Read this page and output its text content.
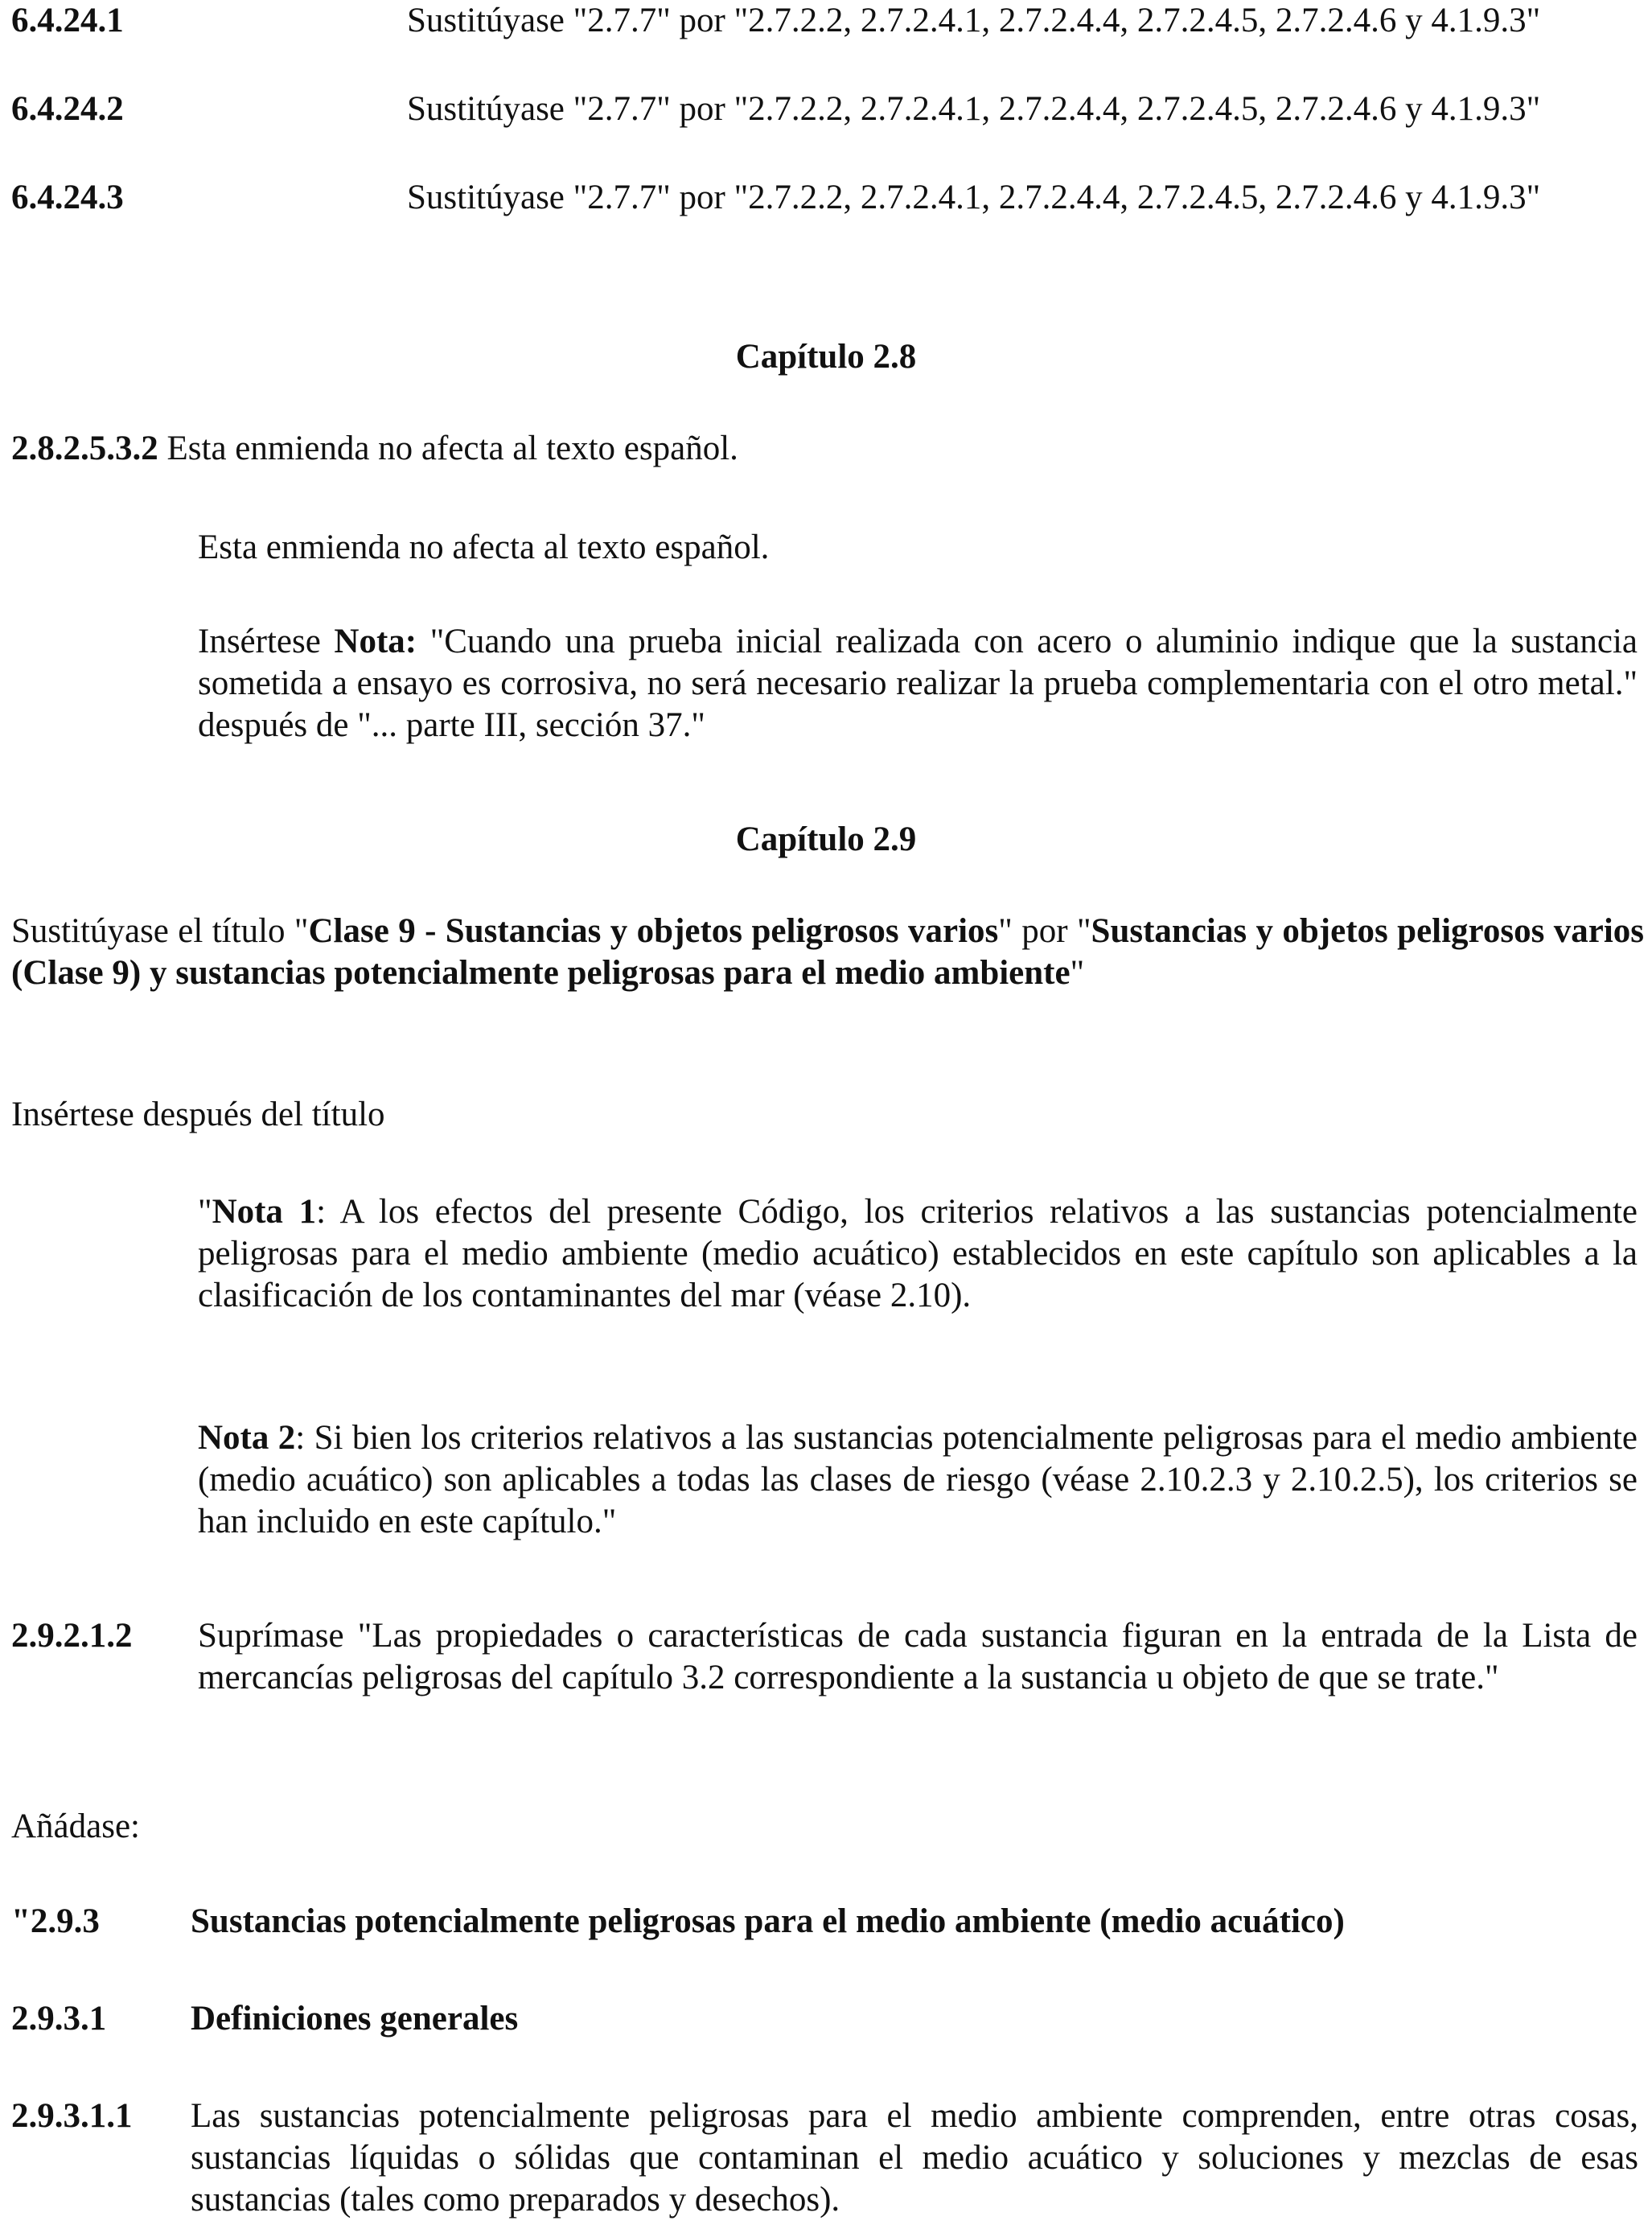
6.4.24.1	Sustitúyase "2.7.7" por "2.7.2.2, 2.7.2.4.1, 2.7.2.4.4, 2.7.2.4.5, 2.7.2.4.6 y 4.1.9.3"
6.4.24.2	Sustitúyase "2.7.7" por "2.7.2.2, 2.7.2.4.1, 2.7.2.4.4, 2.7.2.4.5, 2.7.2.4.6 y 4.1.9.3"
6.4.24.3	Sustitúyase "2.7.7" por "2.7.2.2, 2.7.2.4.1, 2.7.2.4.4, 2.7.2.4.5, 2.7.2.4.6 y 4.1.9.3"
Capítulo 2.8
2.8.2.5.3.2 Esta enmienda no afecta al texto español.
Esta enmienda no afecta al texto español.
Insértese Nota: "Cuando una prueba inicial realizada con acero o aluminio indique que la sustancia sometida a ensayo es corrosiva, no será necesario realizar la prueba complementaria con el otro metal." después de "... parte III, sección 37."
Capítulo 2.9
Sustitúyase el título "Clase 9 - Sustancias y objetos peligrosos varios" por "Sustancias y objetos peligrosos varios (Clase 9) y sustancias potencialmente peligrosas para el medio ambiente"
Insértese después del título
"Nota 1: A los efectos del presente Código, los criterios relativos a las sustancias potencialmente peligrosas para el medio ambiente (medio acuático) establecidos en este capítulo son aplicables a la clasificación de los contaminantes del mar (véase 2.10).
Nota 2: Si bien los criterios relativos a las sustancias potencialmente peligrosas para el medio ambiente (medio acuático) son aplicables a todas las clases de riesgo (véase 2.10.2.3 y 2.10.2.5), los criterios se han incluido en este capítulo."
2.9.2.1.2 Suprímase "Las propiedades o características de cada sustancia figuran en la entrada de la Lista de mercancías peligrosas del capítulo 3.2 correspondiente a la sustancia u objeto de que se trate."
Añádase:
"2.9.3	Sustancias potencialmente peligrosas para el medio ambiente (medio acuático)
2.9.3.1 Definiciones generales
2.9.3.1.1 Las sustancias potencialmente peligrosas para el medio ambiente comprenden, entre otras cosas, sustancias líquidas o sólidas que contaminan el medio acuático y soluciones y mezclas de esas sustancias (tales como preparados y desechos).
